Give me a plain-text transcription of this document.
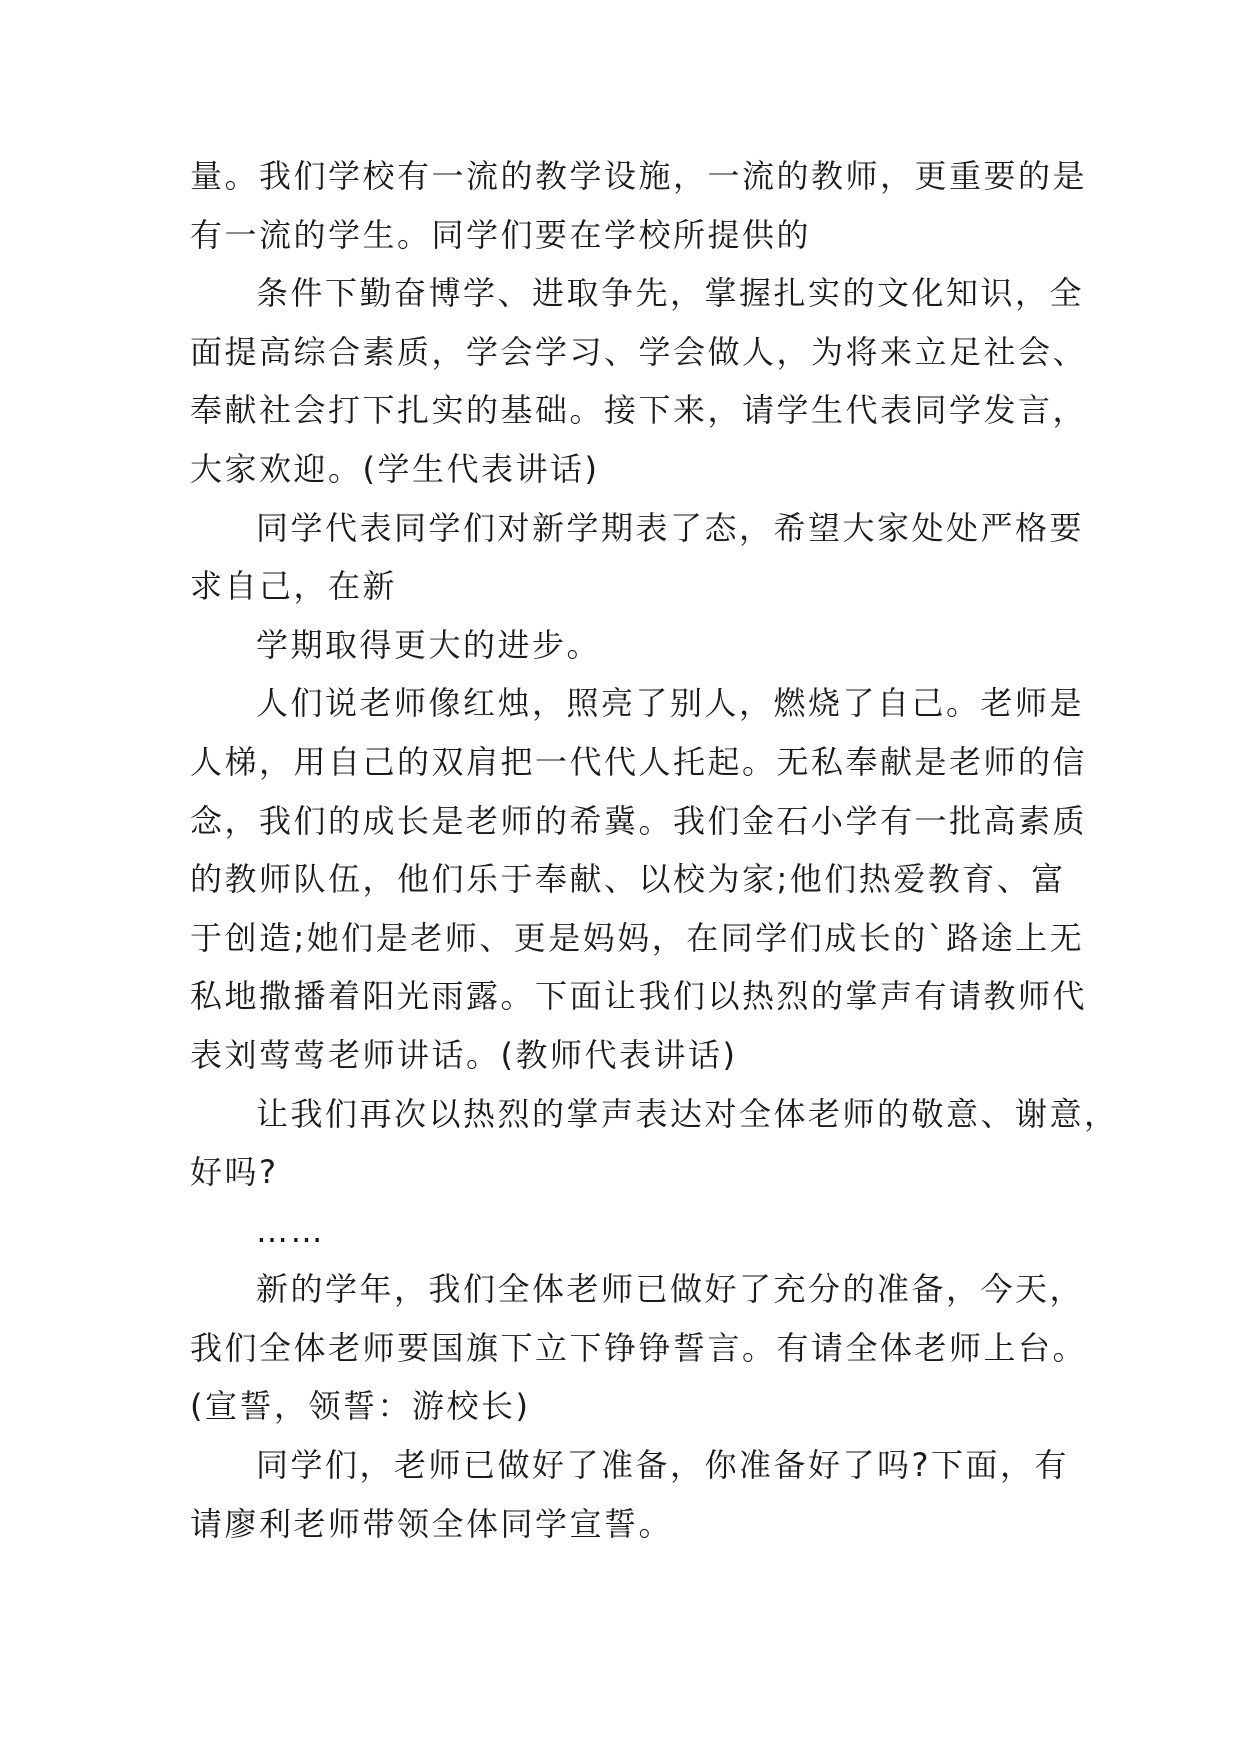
量。我们学校有一流的教学设施，一流的教师，更重要的是
有一流的学生。同学们要在学校所提供的
条件下勤奋博学、进取争先，掌握扎实的文化知识，全
面提高综合素质，学会学习、学会做人，为将来立足社会、
奉献社会打下扎实的基础。接下来，请学生代表同学发言，
大家欢迎。(学生代表讲话)
同学代表同学们对新学期表了态，希望大家处处严格要
求自己，在新
学期取得更大的进步。
人们说老师像红烛，照亮了别人，燃烧了自己。老师是
人梯，用自己的双肩把一代代人托起。无私奉献是老师的信
念，我们的成长是老师的希冀。我们金石小学有一批高素质
的教师队伍，他们乐于奉献、以校为家;他们热爱教育、富
于创造;她们是老师、更是妈妈，在同学们成长的`路途上无
私地撒播着阳光雨露。下面让我们以热烈的掌声有请教师代
表刘莺莺老师讲话。(教师代表讲话)
让我们再次以热烈的掌声表达对全体老师的敬意、谢意，
好吗?
……
新的学年，我们全体老师已做好了充分的准备，今天，
我们全体老师要国旗下立下铮铮誓言。有请全体老师上台。
(宣誓，领誓：游校长)
同学们，老师已做好了准备，你准备好了吗?下面，有
请廖利老师带领全体同学宣誓。
